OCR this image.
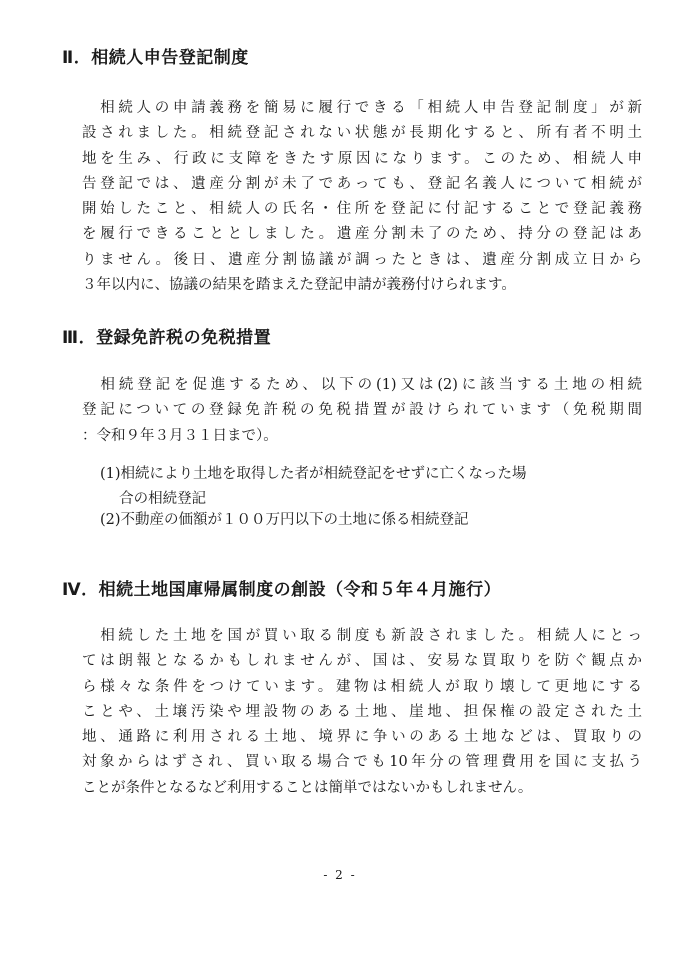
Ⅱ．相続人申告登記制度
　相続人の申請義務を簡易に履行できる「相続人申告登記制度」が新
設されました。相続登記されない状態が長期化すると、所有者不明土
地を生み、行政に支障をきたす原因になります。このため、相続人申
告登記では、遺産分割が未了であっても、登記名義人について相続が
開始したこと、相続人の氏名・住所を登記に付記することで登記義務
を履行できることとしました。遺産分割未了のため、持分の登記はあ
りません。後日、遺産分割協議が調ったときは、遺産分割成立日から
３年以内に、協議の結果を踏まえた登記申請が義務付けられます。
Ⅲ．登録免許税の免税措置
　相続登記を促進するため、以下の(1)又は(2)に該当する土地の相続
登記についての登録免許税の免税措置が設けられています（免税期間
：令和９年３月３１日まで）。
(1)相続により土地を取得した者が相続登記をせずに亡くなった場
　 合の相続登記
(2)不動産の価額が１００万円以下の土地に係る相続登記
Ⅳ．相続土地国庫帰属制度の創設（令和５年４月施行）
　相続した土地を国が買い取る制度も新設されました。相続人にとっ
ては朗報となるかもしれませんが、国は、安易な買取りを防ぐ観点か
ら様々な条件をつけています。建物は相続人が取り壊して更地にする
ことや、土壌汚染や埋設物のある土地、崖地、担保権の設定された土
地、通路に利用される土地、境界に争いのある土地などは、買取りの
対象からはずされ、買い取る場合でも10年分の管理費用を国に支払う
ことが条件となるなど利用することは簡単ではないかもしれません。
- 2 -
